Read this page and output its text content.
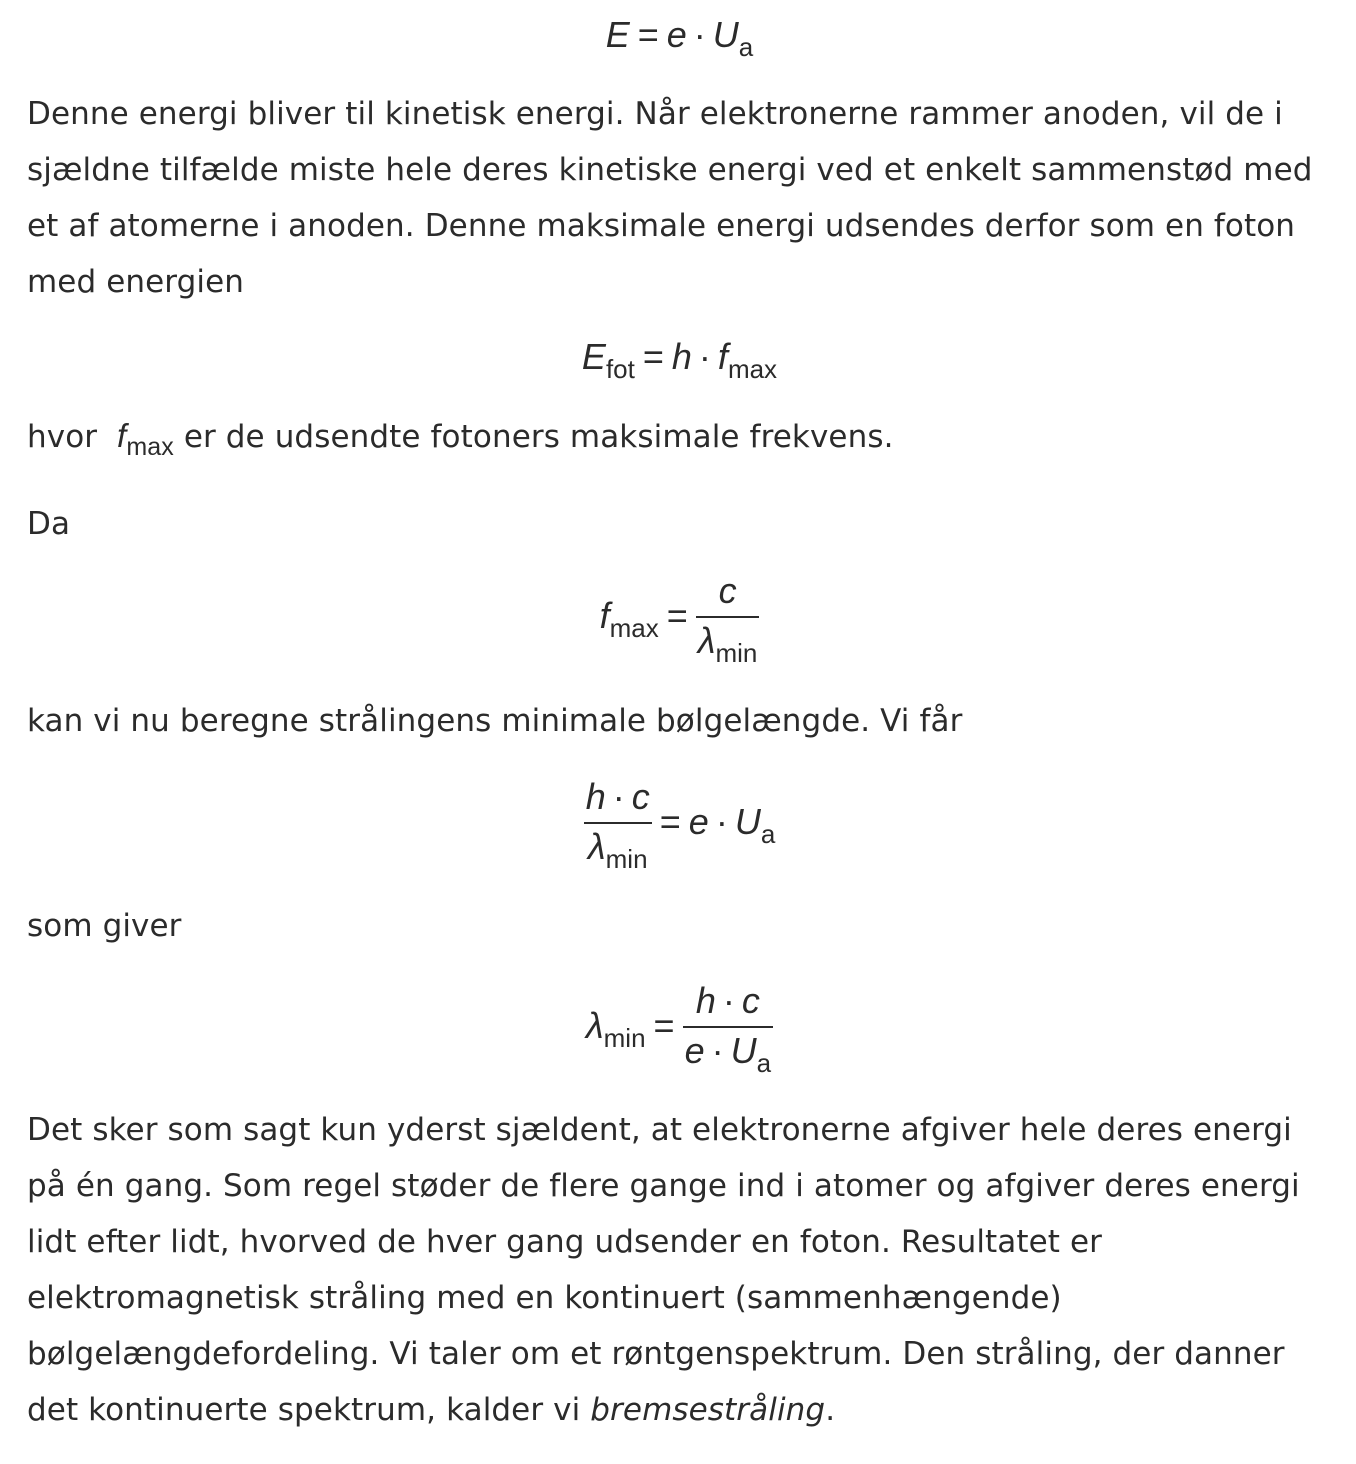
$E = e \cdot U_a$

Denne energi bliver til kinetisk energi. Når elektronerne rammer anoden, vil de i sjældne tilfælde miste hele deres kinetiske energi ved et enkelt sammenstød med et af atomerne i anoden. Denne maksimale energi udsendes derfor som en foton med energien

$E_{fot} = h \cdot f_{max}$

hvor $f_{max}$ er de udsendte fotoners maksimale frekvens.

Da

$f_{max} = \frac{c}{\lambda_{min}}$

kan vi nu beregne strålingens minimale bølgelængde. Vi får

$\frac{h \cdot c}{\lambda_{min}} = e \cdot U_a$

som giver

$\lambda_{min} = \frac{h \cdot c}{e \cdot U_a}$

Det sker som sagt kun yderst sjældent, at elektronerne afgiver hele deres energi på én gang. Som regel støder de flere gange ind i atomer og afgiver deres energi lidt efter lidt, hvorved de hver gang udsender en foton. Resultatet er elektromagnetisk stråling med en kontinuert (sammenhængende) bølgelængdefordeling. Vi taler om et røntgenspektrum. Den stråling, der danner det kontinuerte spektrum, kalder vi bremsestråling.
